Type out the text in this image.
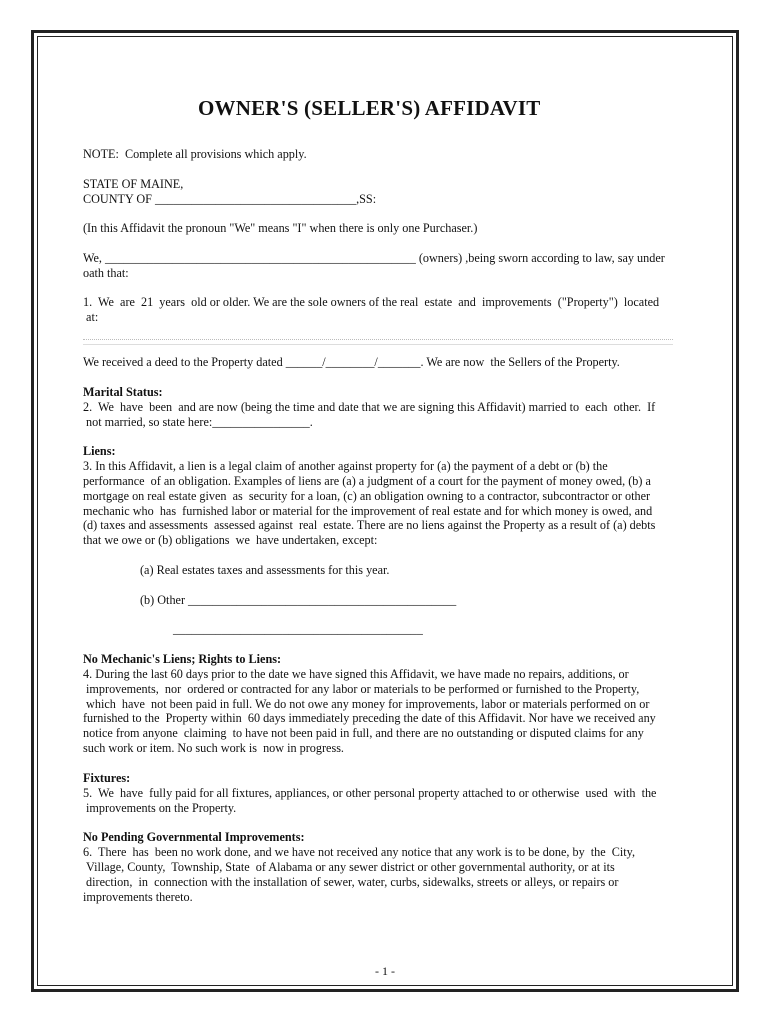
OWNER'S (SELLER'S) AFFIDAVIT
NOTE:  Complete all provisions which apply.
STATE OF MAINE,
COUNTY OF _________________________________,SS:
(In this Affidavit the pronoun "We" means "I" when there is only one Purchaser.)
We, ___________________________________________________ (owners) ,being sworn according to law, say under
oath that:
1.  We  are  21  years  old or older. We are the sole owners of the real  estate  and  improvements  ("Property")  located
at:
We received a deed to the Property dated ______/________/_______. We are now  the Sellers of the Property.
Marital Status:
2.  We  have  been  and are now (being the time and date that we are signing this Affidavit) married to  each  other.  If
not married, so state here:________________.
Liens:
3. In this Affidavit, a lien is a legal claim of another against property for (a) the payment of a debt or (b) the
performance  of an obligation. Examples of liens are (a) a judgment of a court for the payment of money owed, (b) a
mortgage on real estate given  as  security for a loan, (c) an obligation owning to a contractor, subcontractor or other
mechanic who  has  furnished labor or material for the improvement of real estate and for which money is owed, and
(d) taxes and assessments  assessed against  real  estate. There are no liens against the Property as a result of (a) debts
that we owe or (b) obligations  we  have undertaken, except:
(a) Real estates taxes and assessments for this year.
(b) Other ____________________________________________
_________________________________________
No Mechanic's Liens; Rights to Liens:
4. During the last 60 days prior to the date we have signed this Affidavit, we have made no repairs, additions, or
improvements,  nor  ordered or contracted for any labor or materials to be performed or furnished to the Property,
which  have  not been paid in full. We do not owe any money for improvements, labor or materials performed on or
furnished to the  Property within  60 days immediately preceding the date of this Affidavit. Nor have we received any
notice from anyone  claiming  to have not been paid in full, and there are no outstanding or disputed claims for any
such work or item. No such work is  now in progress.
Fixtures:
5.  We  have  fully paid for all fixtures, appliances, or other personal property attached to or otherwise  used  with  the
improvements on the Property.
No Pending Governmental Improvements:
6.  There  has  been no work done, and we have not received any notice that any work is to be done, by  the  City,
Village, County,  Township, State  of Alabama or any sewer district or other governmental authority, or at its
direction,  in  connection with the installation of sewer, water, curbs, sidewalks, streets or alleys, or repairs or
improvements thereto.
- 1 -
